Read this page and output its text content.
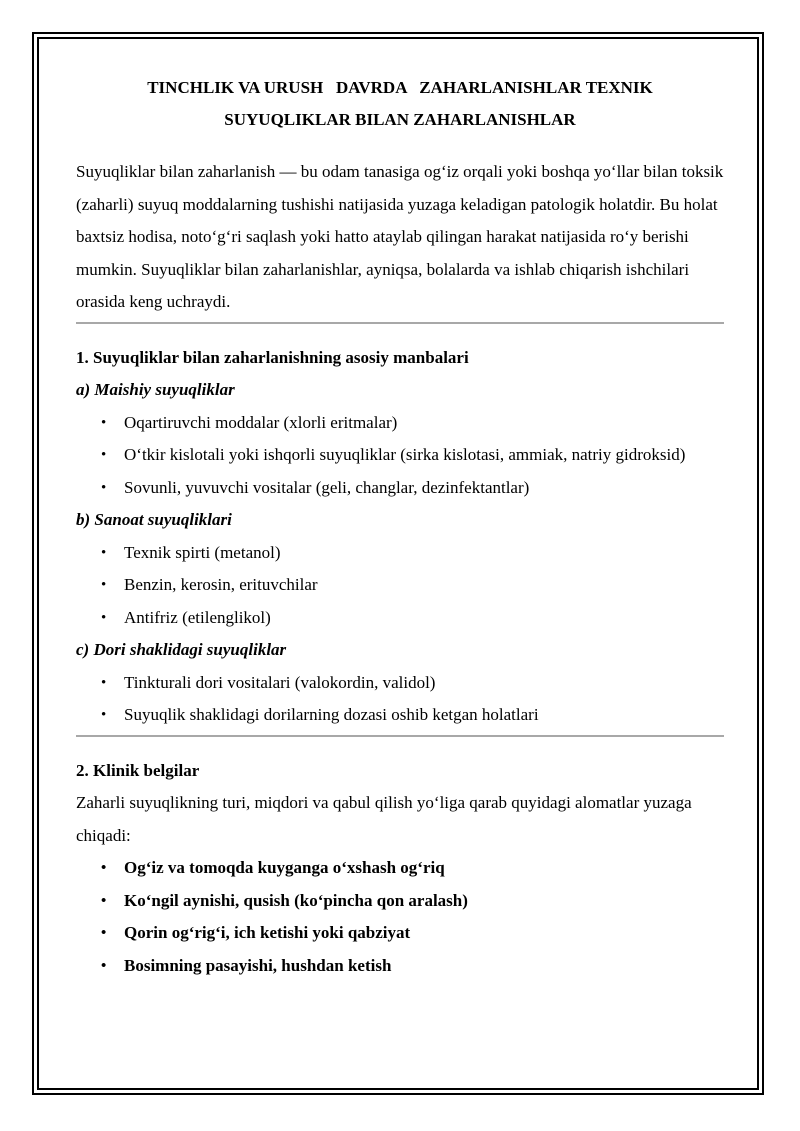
TINCHLIK VA URUSH   DAVRDA   ZAHARLANISHLAR TEXNIK
SUYUQLIKLAR BILAN ZAHARLANISHLAR

Suyuqliklar bilan zaharlanish — bu odam tanasiga og‘iz orqali yoki boshqa yo‘llar bilan toksik (zaharli) suyuq moddalarning tushishi natijasida yuzaga keladigan patologik holatdir. Bu holat baxtsiz hodisa, noto‘g‘ri saqlash yoki hatto ataylab qilingan harakat natijasida ro‘y berishi mumkin. Suyuqliklar bilan zaharlanishlar, ayniqsa, bolalarda va ishlab chiqarish ishchilari orasida keng uchraydi.

1. Suyuqliklar bilan zaharlanishning asosiy manbalari
a) Maishiy suyuqliklar
• Oqartiruvchi moddalar (xlorli eritmalar)
• O‘tkir kislotali yoki ishqorli suyuqliklar (sirka kislotasi, ammiak, natriy gidroksid)
• Sovunli, yuvuvchi vositalar (geli, changlar, dezinfektantlar)
b) Sanoat suyuqliklari
• Texnik spirti (metanol)
• Benzin, kerosin, erituvchilar
• Antifriz (etilenglikol)
c) Dori shaklidagi suyuqliklar
• Tinkturali dori vositalari (valokordin, validol)
• Suyuqlik shaklidagi dorilarning dozasi oshib ketgan holatlari
2. Klinik belgilar

Zaharli suyuqlikning turi, miqdori va qabul qilish yo‘liga qarab quyidagi alomatlar yuzaga chiqadi:

• Og‘iz va tomoqda kuyganga o‘xshash og‘riq
• Ko‘ngil aynishi, qusish (ko‘pincha qon aralash)
• Qorin og‘rig‘i, ich ketishi yoki qabziyat
• Bosimning pasayishi, hushdan ketish
